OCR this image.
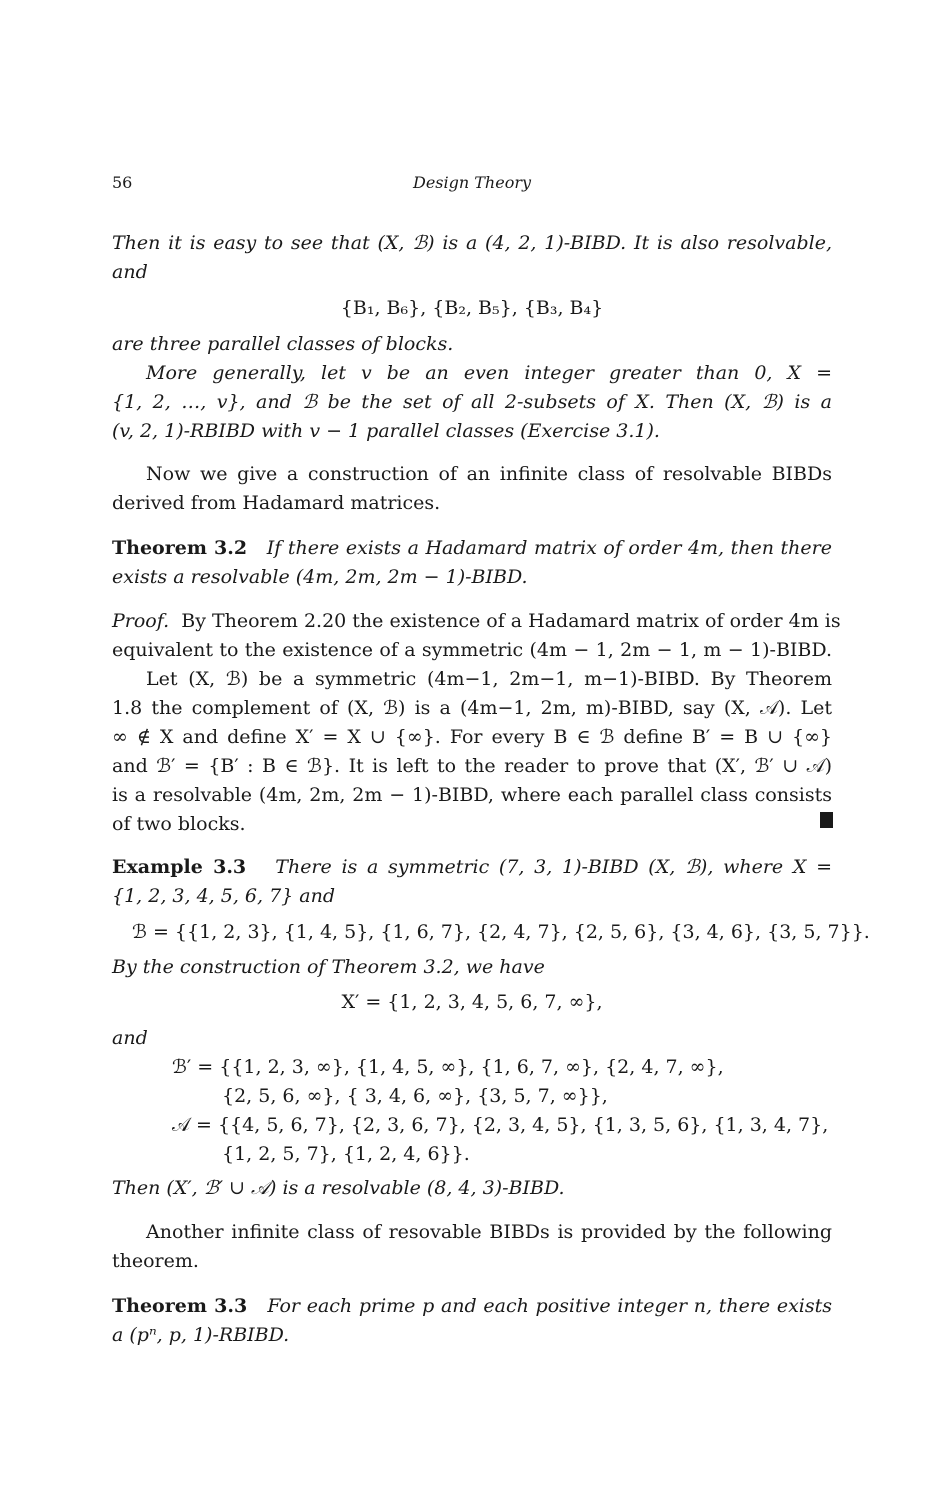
56	Design Theory
Then it is easy to see that (X, ℬ) is a (4, 2, 1)-BIBD. It is also resolvable,
and
{B₁, B₆}, {B₂, B₅}, {B₃, B₄}
are three parallel classes of blocks.
More generally, let v be an even integer greater than 0, X =
{1, 2, …, v}, and ℬ be the set of all 2-subsets of X. Then (X, ℬ) is a
(v, 2, 1)-RBIBD with v − 1 parallel classes (Exercise 3.1).
Now we give a construction of an infinite class of resolvable BIBDs
derived from Hadamard matrices.
Theorem 3.2 If there exists a Hadamard matrix of order 4m, then there
exists a resolvable (4m, 2m, 2m − 1)-BIBD.
Proof. By Theorem 2.20 the existence of a Hadamard matrix of order 4m is
equivalent to the existence of a symmetric (4m − 1, 2m − 1, m − 1)-BIBD.
Let (X, ℬ) be a symmetric (4m−1, 2m−1, m−1)-BIBD. By Theorem
1.8 the complement of (X, ℬ) is a (4m−1, 2m, m)-BIBD, say (X, 𝒜). Let
∞ ∉ X and define X′ = X ∪ {∞}. For every B ∈ ℬ define B′ = B ∪ {∞}
and ℬ′ = {B′ : B ∈ ℬ}. It is left to the reader to prove that (X′, ℬ′ ∪ 𝒜)
is a resolvable (4m, 2m, 2m − 1)-BIBD, where each parallel class consists
of two blocks.
Example 3.3 There is a symmetric (7, 3, 1)-BIBD (X, ℬ), where X =
{1, 2, 3, 4, 5, 6, 7} and
ℬ = {{1, 2, 3}, {1, 4, 5}, {1, 6, 7}, {2, 4, 7}, {2, 5, 6}, {3, 4, 6}, {3, 5, 7}}.
By the construction of Theorem 3.2, we have
X′ = {1, 2, 3, 4, 5, 6, 7, ∞},
and
ℬ′ = {{1, 2, 3, ∞}, {1, 4, 5, ∞}, {1, 6, 7, ∞}, {2, 4, 7, ∞},
{2, 5, 6, ∞}, { 3, 4, 6, ∞}, {3, 5, 7, ∞}},
𝒜 = {{4, 5, 6, 7}, {2, 3, 6, 7}, {2, 3, 4, 5}, {1, 3, 5, 6}, {1, 3, 4, 7},
{1, 2, 5, 7}, {1, 2, 4, 6}}.
Then (X′, ℬ′ ∪ 𝒜) is a resolvable (8, 4, 3)-BIBD.
Another infinite class of resovable BIBDs is provided by the following
theorem.
Theorem 3.3 For each prime p and each positive integer n, there exists
a (pⁿ, p, 1)-RBIBD.
